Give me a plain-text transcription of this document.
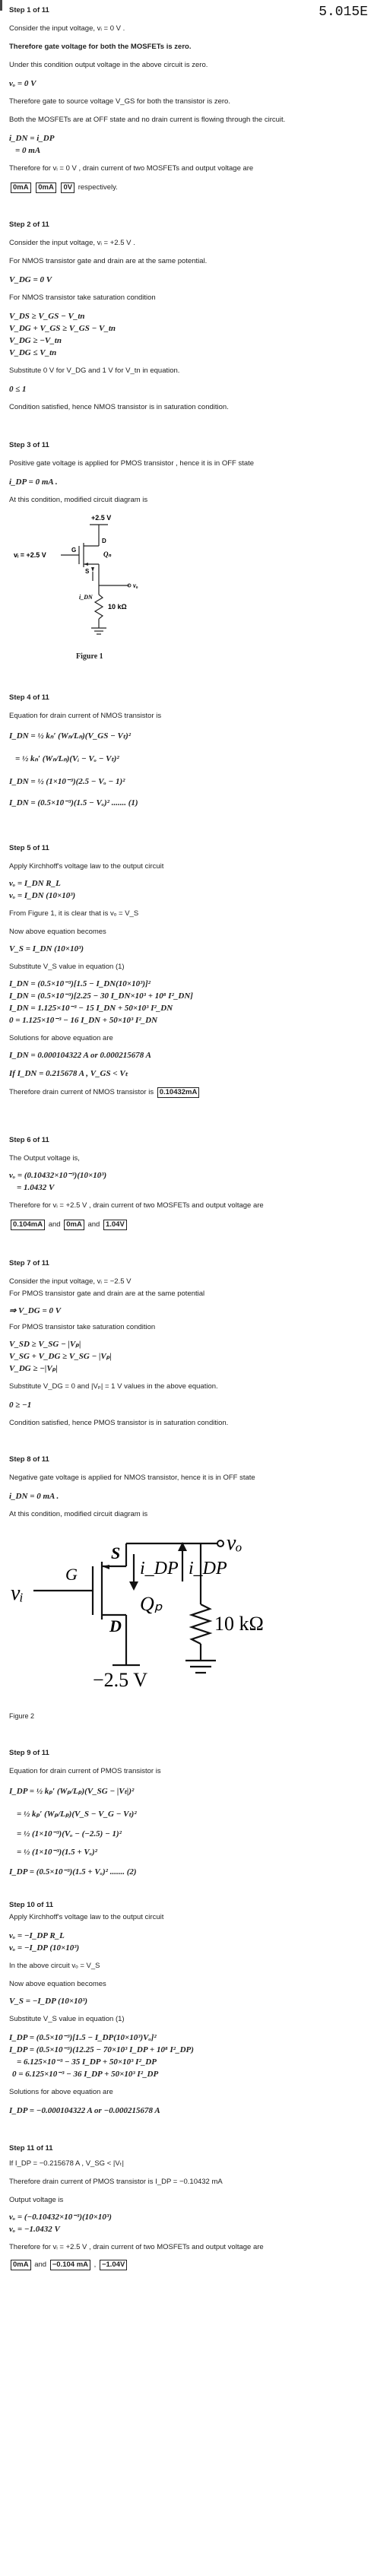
5.015E
Step 1 of 11
Consider the input voltage, vᵢ = 0 V .
Therefore gate voltage for both the MOSFETs is zero.
Under this condition output voltage in the above circuit is zero.
vₒ = 0 V
Therefore gate to source voltage V_GS for both the transistor is zero.
Both the MOSFETs are at OFF state and no drain current is flowing through the circuit.
i_DN = i_DP
= 0 mA
Therefore for vᵢ = 0 V , drain current of two MOSFETs and output voltage are
0mA 0mA 0V respectively.
Step 2 of 11
Consider the input voltage, vᵢ = +2.5 V .
For NMOS transistor gate and drain are at the same potential.
V_DG = 0 V
For NMOS transistor take saturation condition
V_DS ≥ V_GS − V_tn
V_DG + V_GS ≥ V_GS − V_tn
V_DG ≥ −V_tn
V_DG ≤ V_tn
Substitute 0 V for V_DG and 1 V for V_tn in equation.
0 ≤ 1
Condition satisfied, hence NMOS transistor is in saturation condition.
Step 3 of 11
Positive gate voltage is applied for PMOS transistor , hence it is in OFF state
i_DP = 0 mA .
At this condition, modified circuit diagram is
+2.5 V
vᵢ = +2.5 V
G
D
S
Qₙ
i_DN
vₒ
10 kΩ
Figure 1
Step 4 of 11
Equation for drain current of NMOS transistor is
I_DN = ½ kₙ′ (Wₙ/Lₙ)(V_GS − Vₜ)²
= ½ kₙ′ (Wₙ/Lₙ)(Vᵢ − Vₒ − Vₜ)²
I_DN = ½ (1×10⁻³)(2.5 − Vₒ − 1)²
I_DN = (0.5×10⁻³)(1.5 − Vₒ)² ....... (1)
Step 5 of 11
Apply Kirchhoff's voltage law to the output circuit
vₒ = I_DN R_L
vₒ = I_DN (10×10³)
From Figure 1, it is clear that is vₒ = V_S
Now above equation becomes
V_S = I_DN (10×10³)
Substitute V_S value in equation (1)
I_DN = (0.5×10⁻³)[1.5 − I_DN(10×10³)]²
I_DN = (0.5×10⁻³)[2.25 − 30 I_DN×10³ + 10⁸ I²_DN]
I_DN = 1.125×10⁻³ − 15 I_DN + 50×10³ I²_DN
0 = 1.125×10⁻³ − 16 I_DN + 50×10³ I²_DN
Solutions for above equation are
I_DN = 0.000104322 A or 0.000215678 A
If I_DN = 0.215678 A , V_GS < Vₜ
Therefore drain current of NMOS transistor is 0.10432mA
Step 6 of 11
The Output voltage is,
vₒ = (0.10432×10⁻³)(10×10³)
= 1.0432 V
Therefore for vᵢ = +2.5 V , drain current of two MOSFETs and output voltage are
0.104mA and 0mA and 1.04V
Step 7 of 11
Consider the input voltage, vᵢ = −2.5 V
For PMOS transistor gate and drain are at the same potential
⇒ V_DG = 0 V
For PMOS transistor take saturation condition
V_SD ≥ V_SG − |Vₚ|
V_SG + V_DG ≥ V_SG − |Vₚ|
V_DG ≥ −|Vₚ|
Substitute V_DG = 0 and |Vₚ| = 1 V values in the above equation.
0 ≥ −1
Condition satisfied, hence PMOS transistor is in saturation condition.
Step 8 of 11
Negative gate voltage is applied for NMOS transistor, hence it is in OFF state
i_DN = 0 mA .
At this condition, modified circuit diagram is
vᵢ
G
S
D
Qₚ
i_DP i_DP
vₒ
10 kΩ
−2.5 V
Figure 2
Step 9 of 11
Equation for drain current of PMOS transistor is
I_DP = ½ kₚ′ (Wₚ/Lₚ)(V_SG − |Vₜ|)²
= ½ kₚ′ (Wₚ/Lₚ)(V_S − V_G − Vₜ)²
= ½ (1×10⁻³)(Vₒ − (−2.5) − 1)²
= ½ (1×10⁻³)(1.5 + Vₒ)²
I_DP = (0.5×10⁻³)(1.5 + Vₒ)² ....... (2)
Step 10 of 11
Apply Kirchhoff's voltage law to the output circuit
vₒ = −I_DP R_L
vₒ = −I_DP (10×10³)
In the above circuit vₒ = V_S
Now above equation becomes
V_S = −I_DP (10×10³)
Substitute V_S value in equation (1)
I_DP = (0.5×10⁻³)[1.5 − I_DP(10×10³)Vₒ]²
I_DP = (0.5×10⁻³)(12.25 − 70×10³ I_DP + 10⁸ I²_DP)
= 6.125×10⁻³ − 35 I_DP + 50×10³ I²_DP
0 = 6.125×10⁻³ − 36 I_DP + 50×10³ I²_DP
Solutions for above equation are
I_DP = −0.000104322 A or −0.000215678 A
Step 11 of 11
If I_DP = −0.215678 A , V_SG < |Vₜ|
Therefore drain current of PMOS transistor is I_DP = −0.10432 mA
Output voltage is
vₒ = (−0.10432×10⁻³)(10×10³)
vₒ = −1.0432 V
Therefore for vᵢ = +2.5 V , drain current of two MOSFETs and output voltage are
0mA and −0.104 mA , −1.04V
